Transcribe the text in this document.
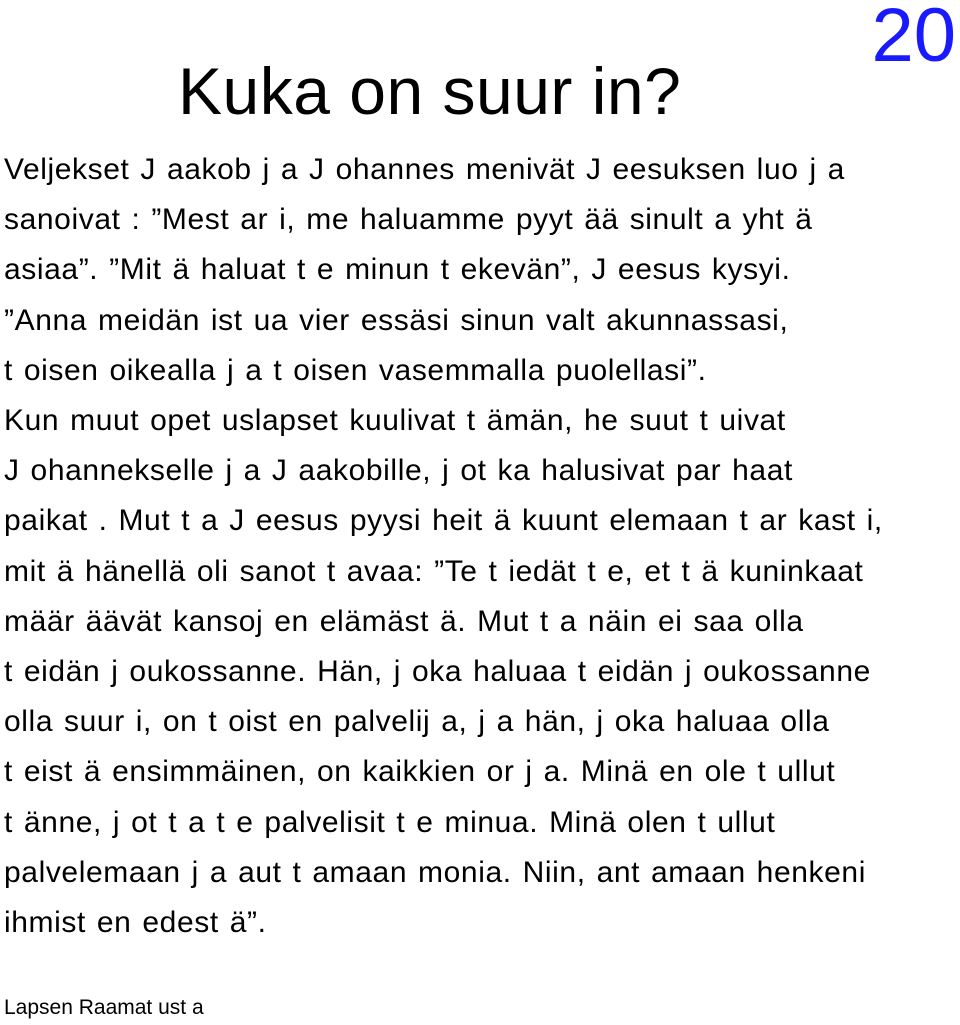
20
Kuka on suur in?
Veljekset J aakob j a J ohannes menivät J eesuksen luo j a
sanoivat : ”Mest ar i, me haluamme pyyt ää sinult a yht ä
asiaa”. ”Mit ä haluat t e minun t ekevän”, J eesus kysyi.
”Anna meidän ist ua vier essäsi sinun valt akunnassasi,
t oisen oikealla j a t oisen vasemmalla puolellasi”.
Kun muut opet uslapset kuulivat t ämän, he suut t uivat
J ohannekselle j a J aakobille, j ot ka halusivat par haat
paikat . Mut t a J eesus pyysi heit ä kuunt elemaan t ar kast i,
mit ä hänellä oli sanot t avaa: ”Te t iedät t e, et t ä kuninkaat
määr äävät kansoj en elämäst ä. Mut t a näin ei saa olla
t eidän j oukossanne. Hän, j oka haluaa t eidän j oukossanne
olla suur i, on t oist en palvelij a, j a hän, j oka haluaa olla
t eist ä ensimmäinen, on kaikkien or j a. Minä en ole t ullut
t änne, j ot t a t e palvelisit t e minua. Minä olen t ullut
palvelemaan j a aut t amaan monia. Niin, ant amaan henkeni
ihmist en edest ä”.
Lapsen Raamat ust a
